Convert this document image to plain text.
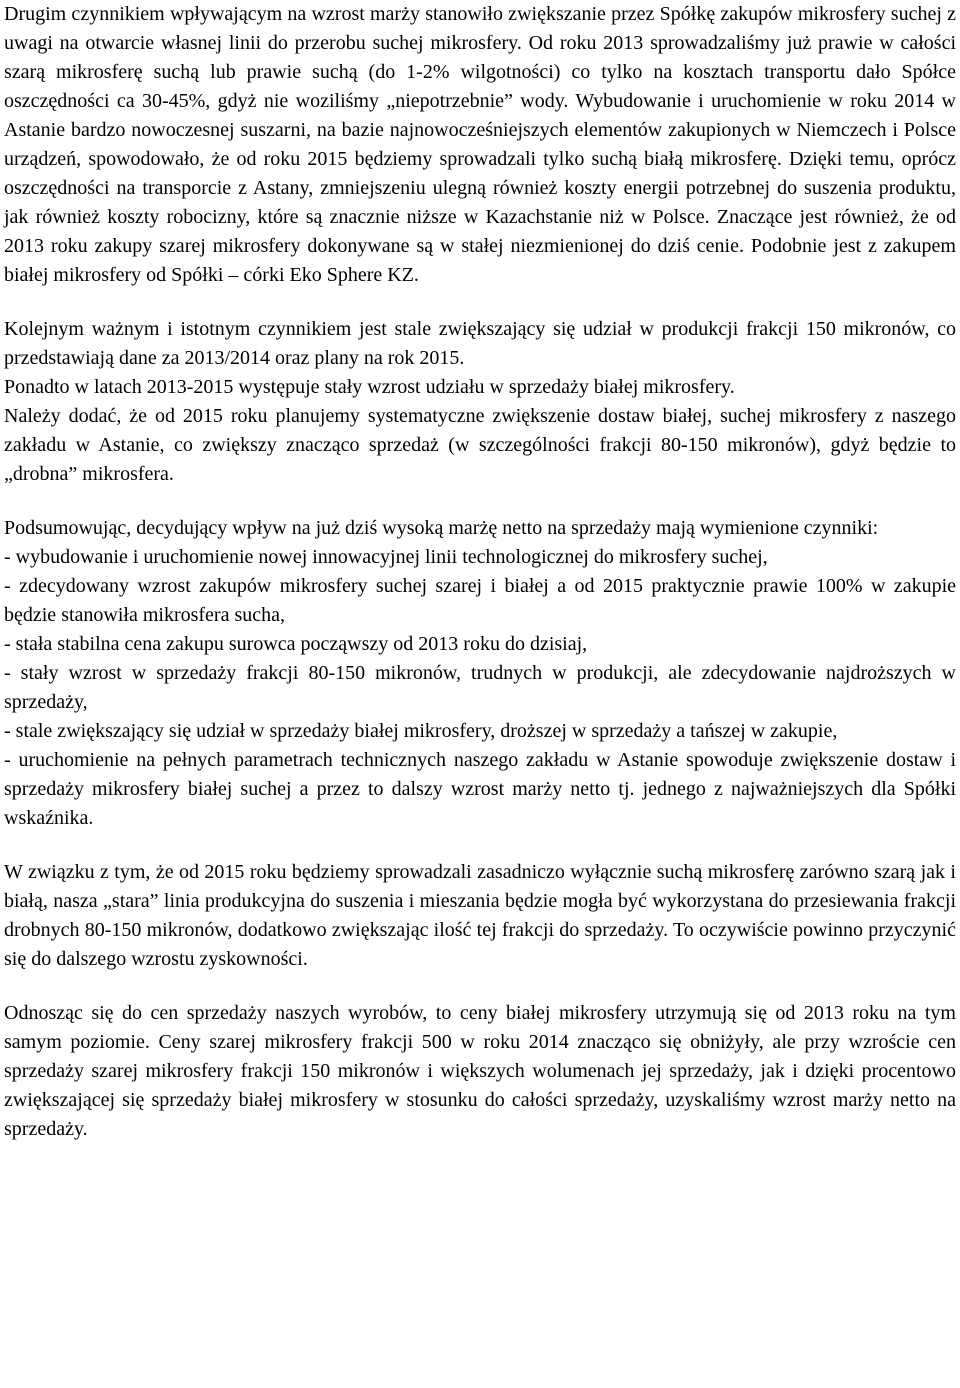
Drugim czynnikiem wpływającym na wzrost marży stanowiło zwiększanie przez Spółkę zakupów mikrosfery suchej z uwagi na otwarcie własnej linii do przerobu suchej mikrosfery. Od roku 2013 sprowadzaliśmy już prawie w całości szarą mikrosferę suchą lub prawie suchą (do 1-2% wilgotności) co tylko na kosztach transportu dało Spółce oszczędności ca 30-45%, gdyż nie woziliśmy „niepotrzebnie” wody. Wybudowanie i uruchomienie w roku 2014 w Astanie bardzo nowoczesnej suszarni, na bazie najnowocześniejszych elementów zakupionych w Niemczech i Polsce urządzeń, spowodowało, że od roku 2015 będziemy sprowadzali tylko suchą białą mikrosferę. Dzięki temu, oprócz oszczędności na transporcie z Astany, zmniejszeniu ulegną również koszty energii potrzebnej do suszenia produktu, jak również koszty robocizny, które są znacznie niższe w Kazachstanie niż w Polsce. Znaczące jest również, że od 2013 roku zakupy szarej mikrosfery dokonywane są w stałej niezmienionej do dziś cenie. Podobnie jest z zakupem białej mikrosfery od Spółki – córki Eko Sphere KZ.

Kolejnym ważnym i istotnym czynnikiem jest stale zwiększający się udział w produkcji frakcji 150 mikronów, co przedstawiają dane za 2013/2014 oraz plany na rok 2015.

Ponadto w latach 2013-2015 występuje stały wzrost udziału w sprzedaży białej mikrosfery.

Należy dodać, że od 2015 roku planujemy systematyczne zwiększenie dostaw białej, suchej mikrosfery z naszego zakładu w Astanie, co zwiększy znacząco sprzedaż (w szczególności frakcji 80-150 mikronów), gdyż będzie to „drobna” mikrosfera.

Podsumowując, decydujący wpływ na już dziś wysoką marżę netto na sprzedaży mają wymienione czynniki:

- wybudowanie i uruchomienie nowej innowacyjnej linii technologicznej do mikrosfery suchej,
- zdecydowany wzrost zakupów mikrosfery suchej szarej i białej a od 2015 praktycznie prawie 100% w zakupie będzie stanowiła mikrosfera sucha,
- stała stabilna cena zakupu surowca począwszy od 2013 roku do dzisiaj,
- stały wzrost w sprzedaży frakcji 80-150 mikronów, trudnych w produkcji, ale zdecydowanie najdroższych w sprzedaży,
- stale zwiększający się udział w sprzedaży białej mikrosfery, droższej w sprzedaży a tańszej w zakupie,
- uruchomienie na pełnych parametrach technicznych naszego zakładu w Astanie spowoduje zwiększenie dostaw i sprzedaży mikrosfery białej suchej a przez to dalszy wzrost marży netto tj. jednego z najważniejszych dla Spółki wskaźnika.

W związku z tym, że od 2015 roku będziemy sprowadzali zasadniczo wyłącznie suchą mikrosferę zarówno szarą jak i białą, nasza „stara” linia produkcyjna do suszenia i mieszania będzie mogła być wykorzystana do przesiewania frakcji drobnych 80-150 mikronów, dodatkowo zwiększając ilość tej frakcji do sprzedaży. To oczywiście powinno przyczynić się do dalszego wzrostu zyskowności.

Odnosząc się do cen sprzedaży naszych wyrobów, to ceny białej mikrosfery utrzymują się od 2013 roku na tym samym poziomie. Ceny szarej mikrosfery frakcji 500 w roku 2014 znacząco się obniżyły, ale przy wzroście cen sprzedaży szarej mikrosfery frakcji 150 mikronów i większych wolumenach jej sprzedaży, jak i dzięki procentowo zwiększającej się sprzedaży białej mikrosfery w stosunku do całości sprzedaży, uzyskaliśmy wzrost marży netto na sprzedaży.
